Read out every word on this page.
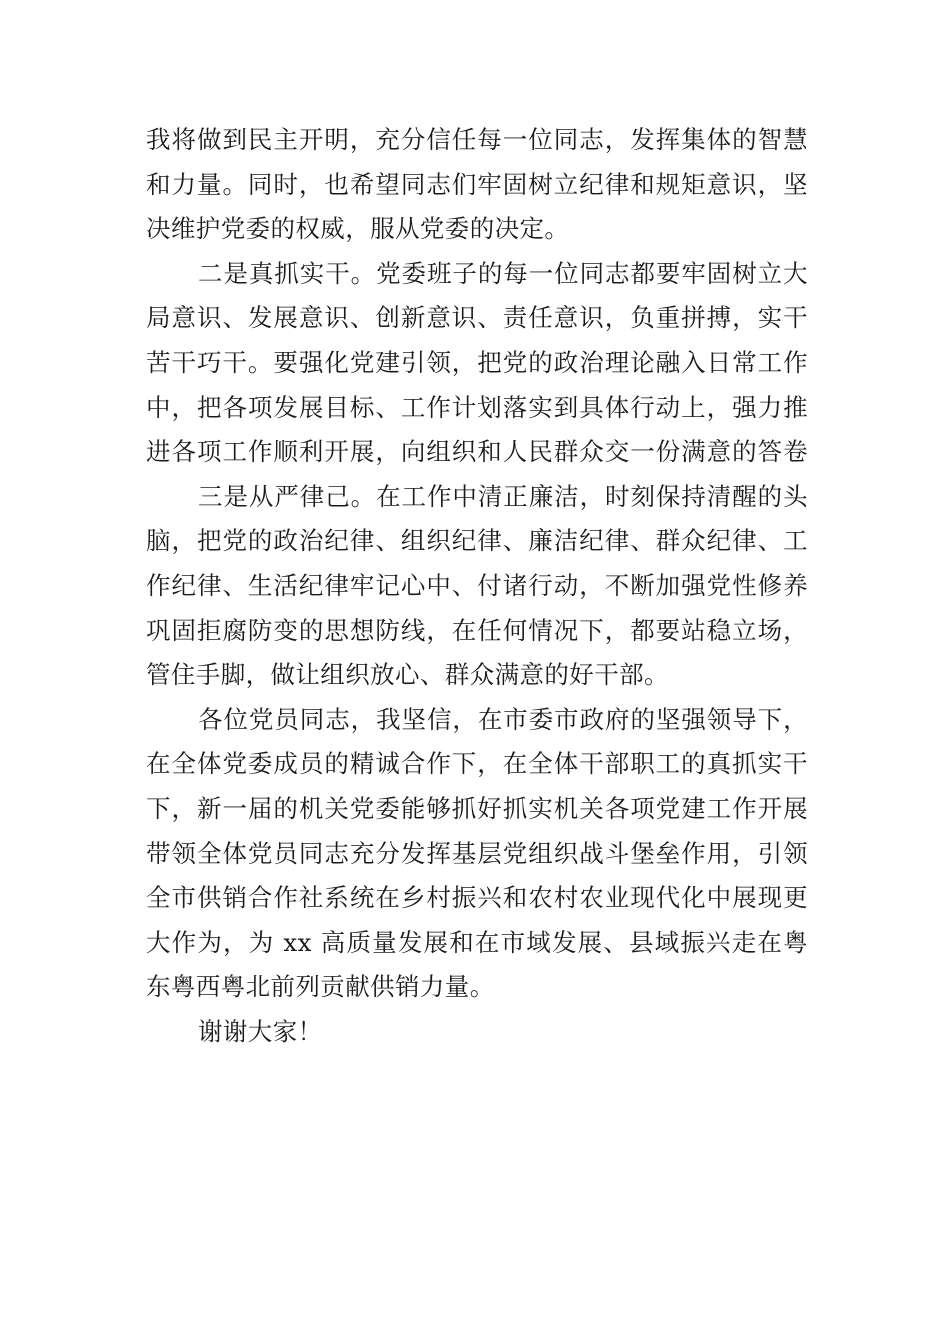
我将做到民主开明，充分信任每一位同志，发挥集体的智慧
和力量。同时，也希望同志们牢固树立纪律和规矩意识，坚
决维护党委的权威，服从党委的决定。
二是真抓实干。党委班子的每一位同志都要牢固树立大
局意识、发展意识、创新意识、责任意识，负重拼搏，实干
苦干巧干。要强化党建引领，把党的政治理论融入日常工作
中，把各项发展目标、工作计划落实到具体行动上，强力推
进各项工作顺利开展，向组织和人民群众交一份满意的答卷
三是从严律己。在工作中清正廉洁，时刻保持清醒的头
脑，把党的政治纪律、组织纪律、廉洁纪律、群众纪律、工
作纪律、生活纪律牢记心中、付诸行动，不断加强党性修养
巩固拒腐防变的思想防线，在任何情况下，都要站稳立场，
管住手脚，做让组织放心、群众满意的好干部。
各位党员同志，我坚信，在市委市政府的坚强领导下，
在全体党委成员的精诚合作下，在全体干部职工的真抓实干
下，新一届的机关党委能够抓好抓实机关各项党建工作开展
带领全体党员同志充分发挥基层党组织战斗堡垒作用，引领
全市供销合作社系统在乡村振兴和农村农业现代化中展现更
大作为，为 xx 高质量发展和在市域发展、县域振兴走在粤
东粤西粤北前列贡献供销力量。
谢谢大家！
